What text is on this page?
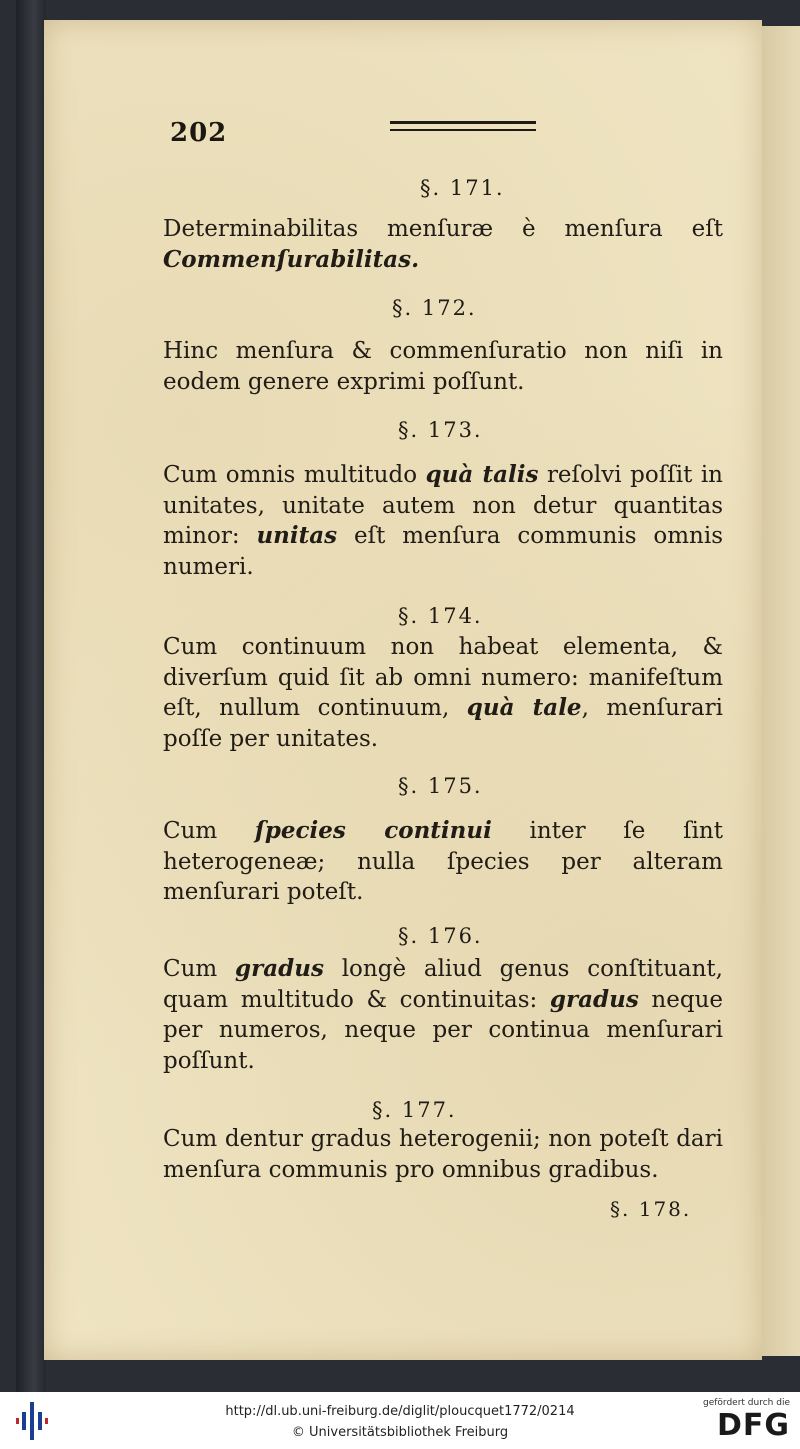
202
§. 171.
Determinabilitas menſuræ è menſura eſt Commenſurabilitas.
§. 172.
Hinc menſura & commenſuratio non niſi in eodem genere exprimi poſſunt.
§. 173.
Cum omnis multitudo quà talis reſolvi poſſit in unitates, unitate autem non detur quantitas minor: unitas eſt menſura communis omnis numeri.
§. 174.
Cum continuum non habeat elementa, & diverſum quid ſit ab omni numero: manifeſtum eſt, nullum continuum, quà tale, menſurari poſſe per unitates.
§. 175.
Cum ſpecies continui inter ſe ſint heterogeneæ; nulla ſpecies per alteram menſurari poteſt.
§. 176.
Cum gradus longè aliud genus conſtituant, quam multitudo & continuitas: gradus neque per numeros, neque per continua menſurari poſſunt.
§. 177.
Cum dentur gradus heterogenii; non poteſt dari menſura communis pro omnibus gradibus.
§. 178.
http://dl.ub.uni-freiburg.de/diglit/ploucquet1772/0214
© Universitätsbibliothek Freiburg
gefördert durch die
DFG
